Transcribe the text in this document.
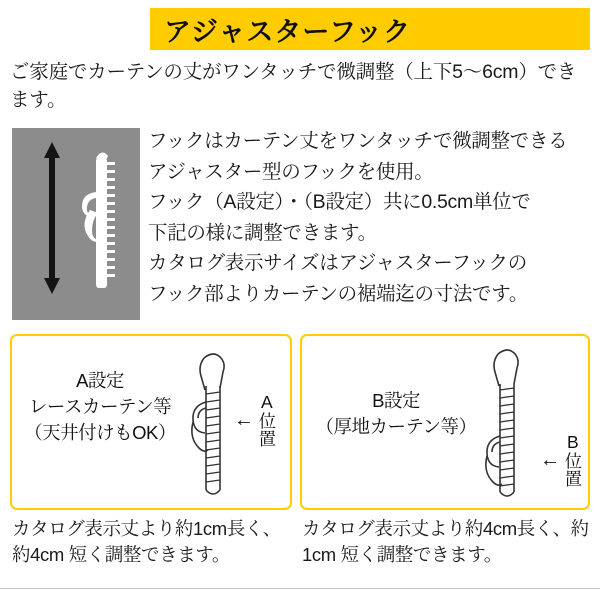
アジャスターフック
ご家庭でカーテンの丈がワンタッチで微調整（上下5〜6cm）できます。

フックはカーテン丈をワンタッチで微調整できる

アジャスター型のフックを使用。

フック（A設定）・（B設定）共に0.5cm単位で

下記の様に調整できます。

カタログ表示サイズはアジャスターフックの

フック部よりカーテンの裾端迄の寸法です。

A設定
レースカーテン等
（天井付けもOK）
← A位置	B設定
（厚地カーテン等）
← B位置
カタログ表示丈より約1cm長く、約4cm 短く調整できます。
カタログ表示丈より約4cm長く、約1cm 短く調整できます。
